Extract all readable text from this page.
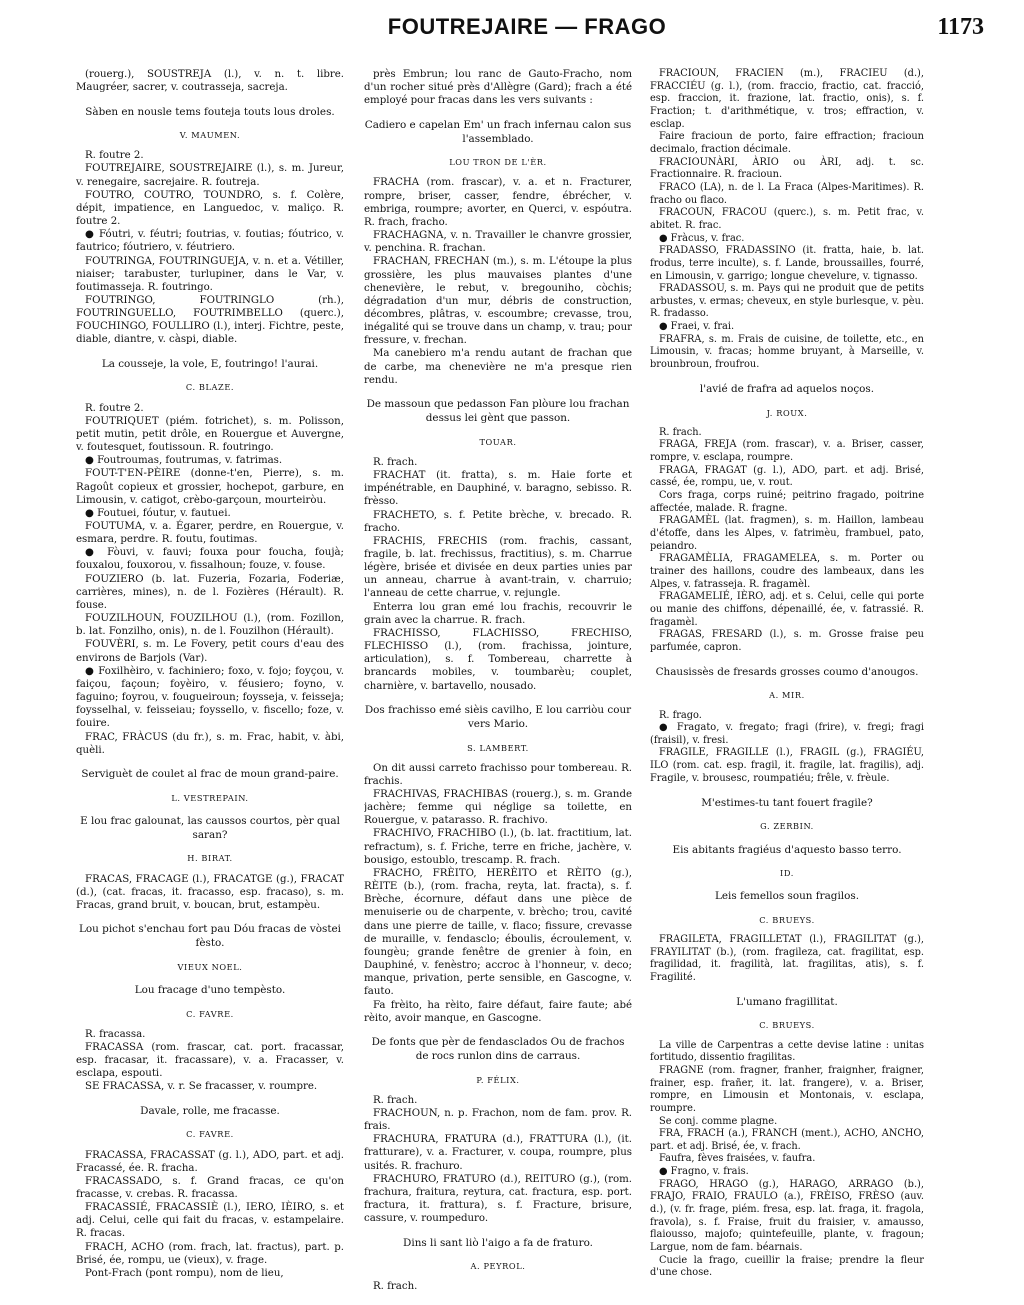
FOUTREJAIRE — FRAGO	1173

(rouerg.), SOUSTREJA (l.), v. n. t. libre. Maugréer, sacrer, v. coutrasseja, sacreja.

Sàben en nousle tems fouteja touts lous droles.

V. MAUMEN.

R. foutre 2.

FOUTREJAIRE, SOUSTREJAIRE (l.), s. m. Jureur, v. renegaire, sacrejaire. R. foutreja.

FOUTRO, COUTRO, TOUNDRO, s. f. Colère, dépit, impatience, en Languedoc, v. maliço. R. foutre 2.

● Fóutri, v. féutri; foutrias, v. foutias; fóutrico, v. fautrico; fóutriero, v. féutriero.

FOUTRINGA, FOUTRINGUEJA, v. n. et a. Vétiller, niaiser; tarabuster, turlupiner, dans le Var, v. foutimasseja. R. foutringo.

FOUTRINGO, FOUTRINGLO (rh.), FOUTRINGUELLO, FOUTRIMBELLO (querc.), FOUCHINGO, FOULLIRO (l.), interj. Fichtre, peste, diable, diantre, v. càspi, diable.

La cousseje, la vole, E, foutringo! l'aurai.

C. BLAZE.

R. foutre 2.

FOUTRIQUET (piém. fotrichet), s. m. Polisson, petit mutin, petit drôle, en Rouergue et Auvergne, v. foutesquet, foutissoun. R. foutringo.

● Foutroumas, foutrumas, v. fatrimas.

FOUT-T'EN-PÈIRE (donne-t'en, Pierre), s. m. Ragoût copieux et grossier, hochepot, garbure, en Limousin, v. catigot, crèbo-garçoun, mourteiròu.

● Foutuei, fóutur, v. fautuei.

FOUTUMA, v. a. Égarer, perdre, en Rouergue, v. esmara, perdre. R. foutu, foutimas.

● Fòuvi, v. fauvi; fouxa pour foucha, foujà; fouxalou, fouxorou, v. fissalhoun; fouze, v. fouse.

FOUZIERO (b. lat. Fuzeria, Fozaria, Foderiæ, carrières, mines), n. de l. Fozières (Hérault). R. fouse.

FOUZILHOUN, FOUZILHOU (l.), (rom. Fozillon, b. lat. Fonzilho, onis), n. de l. Fouzilhon (Hérault).

FOUVÈRI, s. m. Le Fovery, petit cours d'eau des environs de Barjols (Var).

● Foxilhèiro, v. fachiniero; foxo, v. fojo; foyçou, v. faiçou, façoun; foyèiro, v. féusiero; foyno, v. faguino; foyrou, v. fougueiroun; foysseja, v. feisseja; foysselhal, v. feisseiau; foyssello, v. fiscello; foze, v. fouire.

FRAC, FRÀCUS (du fr.), s. m. Frac, habit, v. àbi, quèli.

Serviguèt de coulet al frac de moun grand-paire.

L. VESTREPAIN.

E lou frac galounat, las caussos courtos, pèr qual saran?

H. BIRAT.

FRACAS, FRACAGE (l.), FRACATGE (g.), FRACAT (d.), (cat. fracas, it. fracasso, esp. fracaso), s. m. Fracas, grand bruit, v. boucan, brut, estampèu.

Lou pichot s'enchau fort pau Dóu fracas de vòstei fèsto.

VIEUX NOEL.

Lou fracage d'uno tempèsto.

C. FAVRE.

R. fracassa.

FRACASSA (rom. frascar, cat. port. fracassar, esp. fracasar, it. fracassare), v. a. Fracasser, v. esclapa, espouti.

SE FRACASSA, v. r. Se fracasser, v. roumpre.

Davale, rolle, me fracasse.

C. FAVRE.

FRACASSA, FRACASSAT (g. l.), ADO, part. et adj. Fracassé, ée. R. fracha.

FRACASSADO, s. f. Grand fracas, ce qu'on fracasse, v. crebas. R. fracassa.

FRACASSIÉ, FRACASSIÈ (l.), IERO, IÈIRO, s. et adj. Celui, celle qui fait du fracas, v. estampelaire. R. fracas.

FRACH, ACHO (rom. frach, lat. fractus), part. p. Brisé, ée, rompu, ue (vieux), v. frage.

Pont-Frach (pont rompu), nom de lieu,

près Embrun; lou ranc de Gauto-Fracho, nom d'un rocher situé près d'Allègre (Gard); frach a été employé pour fracas dans les vers suivants :

Cadiero e capelan Em' un frach infernau calon sus l'assemblado.

LOU TRON DE L'ÈR.

FRACHA (rom. frascar), v. a. et n. Fracturer, rompre, briser, casser, fendre, ébrécher, v. embriga, roumpre; avorter, en Querci, v. espóutra. R. frach, fracho.

FRACHAGNA, v. n. Travailler le chanvre grossier, v. penchina. R. frachan.

FRACHAN, FRECHAN (m.), s. m. L'étoupe la plus grossière, les plus mauvaises plantes d'une chenevière, le rebut, v. bregouniho, còchis; dégradation d'un mur, débris de construction, décombres, plâtras, v. escoumbre; crevasse, trou, inégalité qui se trouve dans un champ, v. trau; pour fressure, v. frechan.

Ma canebiero m'a rendu autant de frachan que de carbe, ma chenevière ne m'a presque rien rendu.

De massoun que pedasson Fan plòure lou frachan dessus lei gènt que passon.

TOUAR.

R. frach.

FRACHAT (it. fratta), s. m. Haie forte et impénétrable, en Dauphiné, v. baragno, sebisso. R. frèsso.

FRACHETO, s. f. Petite brèche, v. brecado. R. fracho.

FRACHIS, FRECHIS (rom. frachis, cassant, fragile, b. lat. frechissus, fractitius), s. m. Charrue légère, brisée et divisée en deux parties unies par un anneau, charrue à avant-train, v. charruio; l'anneau de cette charrue, v. rejungle.

Enterra lou gran emé lou frachis, recouvrir le grain avec la charrue. R. frach.

FRACHISSO, FLACHISSO, FRECHISO, FLECHISSO (l.), (rom. frachissa, jointure, articulation), s. f. Tombereau, charrette à brancards mobiles, v. toumbarèu; couplet, charnière, v. bartavello, nousado.

Dos frachisso emé sièis cavilho, E lou carriòu cour vers Mario.

S. LAMBERT.

On dit aussi carreto frachisso pour tombereau. R. frachis.

FRACHIVAS, FRACHIBAS (rouerg.), s. m. Grande jachère; femme qui néglige sa toilette, en Rouergue, v. patarasso. R. frachivo.

FRACHIVO, FRACHIBO (l.), (b. lat. fractitium, lat. refractum), s. f. Friche, terre en friche, jachère, v. bousigo, estoublo, trescamp. R. frach.

FRACHO, FRÈITO, HERÈITO et RÈITO (g.), RÈITE (b.), (rom. fracha, reyta, lat. fracta), s. f. Brèche, écornure, défaut dans une pièce de menuiserie ou de charpente, v. brècho; trou, cavité dans une pierre de taille, v. flaco; fissure, crevasse de muraille, v. fendasclo; éboulis, écroulement, v. foungèu; grande fenêtre de grenier à foin, en Dauphiné, v. fenèstro; accroc à l'honneur, v. deco; manque, privation, perte sensible, en Gascogne, v. fauto.

Fa frèito, ha rèito, faire défaut, faire faute; abé rèito, avoir manque, en Gascogne.

De fonts que pèr de fendasclados Ou de frachos de rocs runlon dins de carraus.

P. FÉLIX.

R. frach.

FRACHOUN, n. p. Frachon, nom de fam. prov. R. frais.

FRACHURA, FRATURA (d.), FRATTURA (l.), (it. fratturare), v. a. Fracturer, v. coupa, roumpre, plus usités. R. frachuro.

FRACHURO, FRATURO (d.), REITURO (g.), (rom. frachura, fraitura, reytura, cat. fractura, esp. port. fractura, it. frattura), s. f. Fracture, brisure, cassure, v. roumpeduro.

Dins li sant liò l'aigo a fa de fraturo.

A. PEYROL.

R. frach.

FRACIOUN, FRACIEN (m.), FRACIÉU (d.), FRACCIÉU (g. l.), (rom. fraccio, fractio, cat. fracció, esp. fraccion, it. frazione, lat. fractio, onis), s. f. Fraction; t. d'arithmétique, v. tros; effraction, v. esclap.

Faire fracioun de porto, faire effraction; fracioun decimalo, fraction décimale.

FRACIOUNÀRI, ÀRIO ou ÀRI, adj. t. sc. Fractionnaire. R. fracioun.

FRACO (LA), n. de l. La Fraca (Alpes-Maritimes). R. fracho ou flaco.

FRACOUN, FRACOU (querc.), s. m. Petit frac, v. abitet. R. frac.

● Fràcus, v. frac.

FRADASSO, FRADASSINO (it. fratta, haie, b. lat. frodus, terre inculte), s. f. Lande, broussailles, fourré, en Limousin, v. garrigo; longue chevelure, v. tignasso.

FRADASSOU, s. m. Pays qui ne produit que de petits arbustes, v. ermas; cheveux, en style burlesque, v. pèu. R. fradasso.

● Fraei, v. frai.

FRAFRA, s. m. Frais de cuisine, de toilette, etc., en Limousin, v. fracas; homme bruyant, à Marseille, v. brounbroun, froufrou.

l'avié de frafra ad aquelos noços.

J. ROUX.

R. frach.

FRAGA, FREJA (rom. frascar), v. a. Briser, casser, rompre, v. esclapa, roumpre.

FRAGA, FRAGAT (g. l.), ADO, part. et adj. Brisé, cassé, ée, rompu, ue, v. rout.

Cors fraga, corps ruiné; peitrino fragado, poitrine affectée, malade. R. fragne.

FRAGAMÈL (lat. fragmen), s. m. Haillon, lambeau d'étoffe, dans les Alpes, v. fatrimèu, frambuel, pato, peiandro.

FRAGAMÈLIA, FRAGAMELEA, s. m. Porter ou trainer des haillons, coudre des lambeaux, dans les Alpes, v. fatrasseja. R. fragamèl.

FRAGAMELIÉ, IÈRO, adj. et s. Celui, celle qui porte ou manie des chiffons, dépenaillé, ée, v. fatrassié. R. fragamèl.

FRAGAS, FRESARD (l.), s. m. Grosse fraise peu parfumée, capron.

Chausissès de fresards grosses coumo d'anougos.

A. MIR.

R. frago.

● Fragato, v. fregato; fragi (frire), v. fregi; fragi (fraisil), v. fresi.

FRAGILE, FRAGILLE (l.), FRAGIL (g.), FRAGIÉU, ILO (rom. cat. esp. fragil, it. fragile, lat. fragilis), adj. Fragile, v. brousesc, roumpatiéu; frêle, v. frèule.

M'estimes-tu tant fouert fragile?

G. ZERBIN.

Eis abitants fragiéus d'aquesto basso terro.

ID.

Leis femellos soun fragilos.

C. BRUEYS.

FRAGILETA, FRAGILLETAT (l.), FRAGILITAT (g.), FRAYILITAT (b.), (rom. fragileza, cat. fragilitat, esp. fragilidad, it. fragilità, lat. fragilitas, atis), s. f. Fragilité.

L'umano fragillitat.

C. BRUEYS.

La ville de Carpentras a cette devise latine : unitas fortitudo, dissentio fragilitas.

FRAGNE (rom. fragner, franher, fraignher, fraigner, frainer, esp. frañer, it. lat. frangere), v. a. Briser, rompre, en Limousin et Montonais, v. esclapa, roumpre.

Se conj. comme plagne.

FRA, FRACH (a.), FRANCH (ment.), ACHO, ANCHO, part. et adj. Brisé, ée, v. frach.

Faufra, fèves fraisées, v. faufra.

● Fragno, v. frais.

FRAGO, HRAGO (g.), HARAGO, ARRAGO (b.), FRAJO, FRAIO, FRAULO (a.), FRÈISO, FRÈSO (auv. d.), (v. fr. frage, piém. fresa, esp. lat. fraga, it. fragola, fravola), s. f. Fraise, fruit du fraisier, v. amausso, flaiousso, majofo; quintefeuille, plante, v. fragoun; Largue, nom de fam. béarnais.

Cucie la frago, cueillir la fraise; prendre la fleur d'une chose.
